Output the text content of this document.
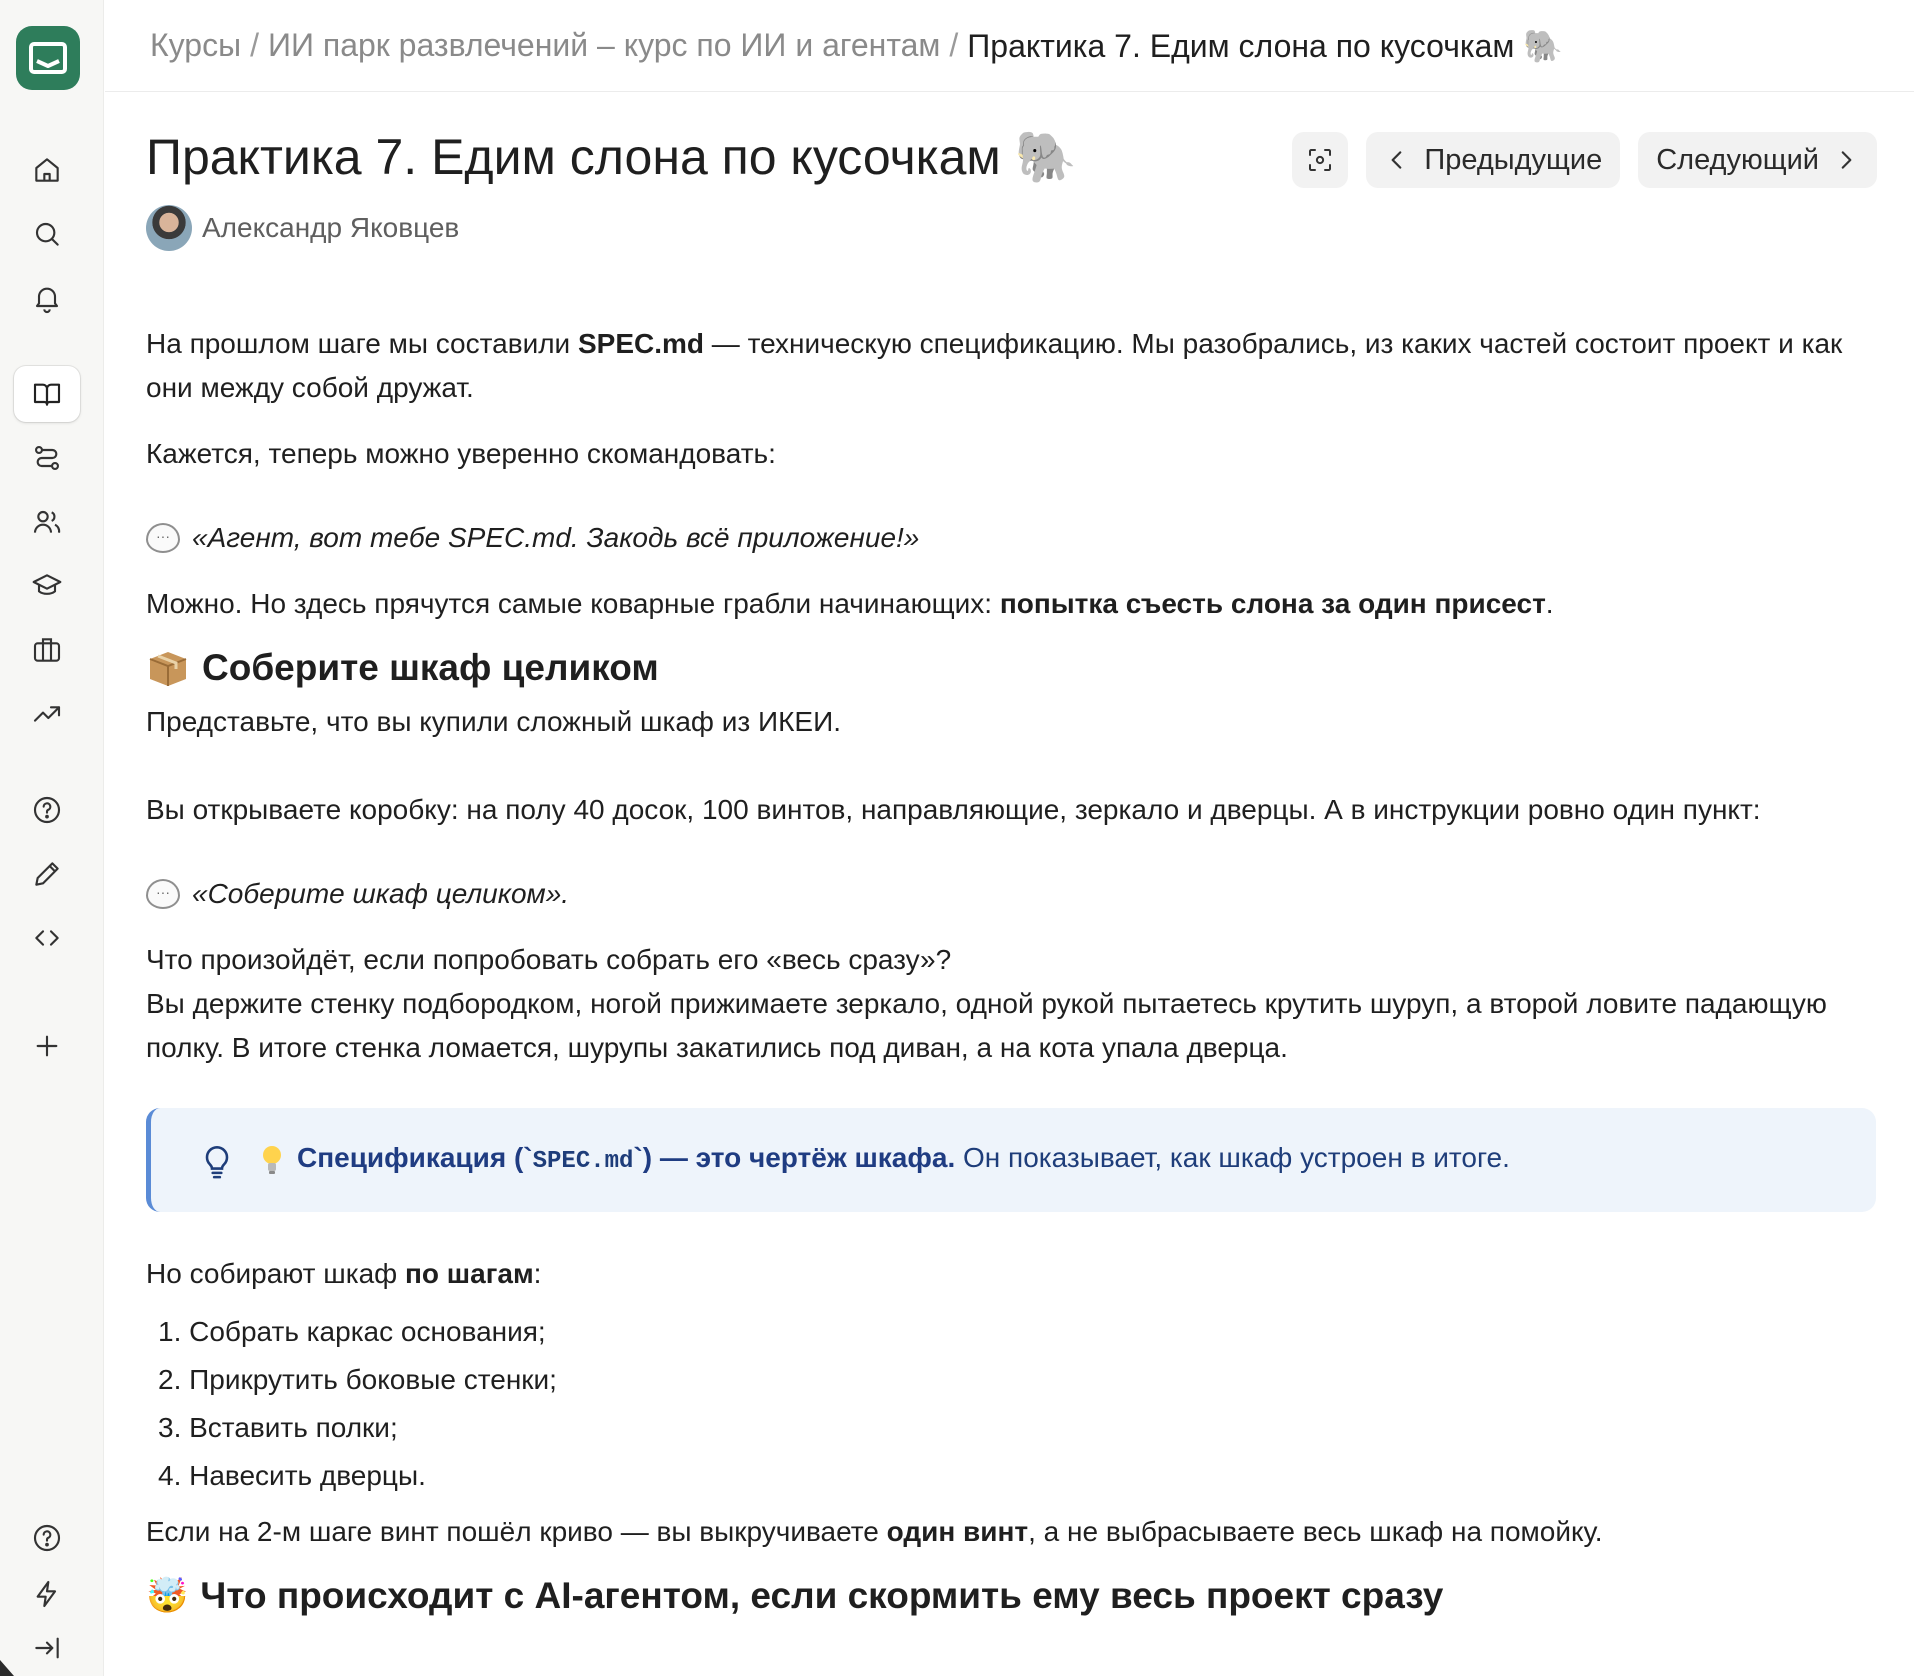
Курсы / ИИ парк развлечений – курс по ИИ и агентам / Практика 7. Едим слона по кусочкам 🐘
Практика 7. Едим слона по кусочкам 🐘
Александр Яковцев
Предыдущие Следующий

На прошлом шаге мы составили SPEC.md — техническую спецификацию. Мы разобрались, из каких частей состоит проект и как они между собой дружат.

Кажется, теперь можно уверенно скомандовать:

··· «Агент, вот тебе SPEC.md. Закодь всё приложение!»

Можно. Но здесь прячутся самые коварные грабли начинающих: попытка съесть слона за один присест.

Соберите шкаф целиком

Представьте, что вы купили сложный шкаф из ИКЕИ.

Вы открываете коробку: на полу 40 досок, 100 винтов, направляющие, зеркало и дверцы. А в инструкции ровно один пункт:

··· «Соберите шкаф целиком».

Что произойдёт, если попробовать собрать его «весь сразу»?

Вы держите стенку подбородком, ногой прижимаете зеркало, одной рукой пытаетесь крутить шуруп, а второй ловите падающую полку. В итоге стенка ломается, шурупы закатились под диван, а на кота упала дверца.

Спецификация (`SPEC.md`) — это чертёж шкафа. Он показывает, как шкаф устроен в итоге.

Но собирают шкаф по шагам:

1. Собрать каркас основания;
2. Прикрутить боковые стенки;
3. Вставить полки;
4. Навесить дверцы.

Если на 2-м шаге винт пошёл криво — вы выкручиваете один винт, а не выбрасываете весь шкаф на помойку.

🤯 Что происходит с AI-агентом, если скормить ему весь проект сразу
